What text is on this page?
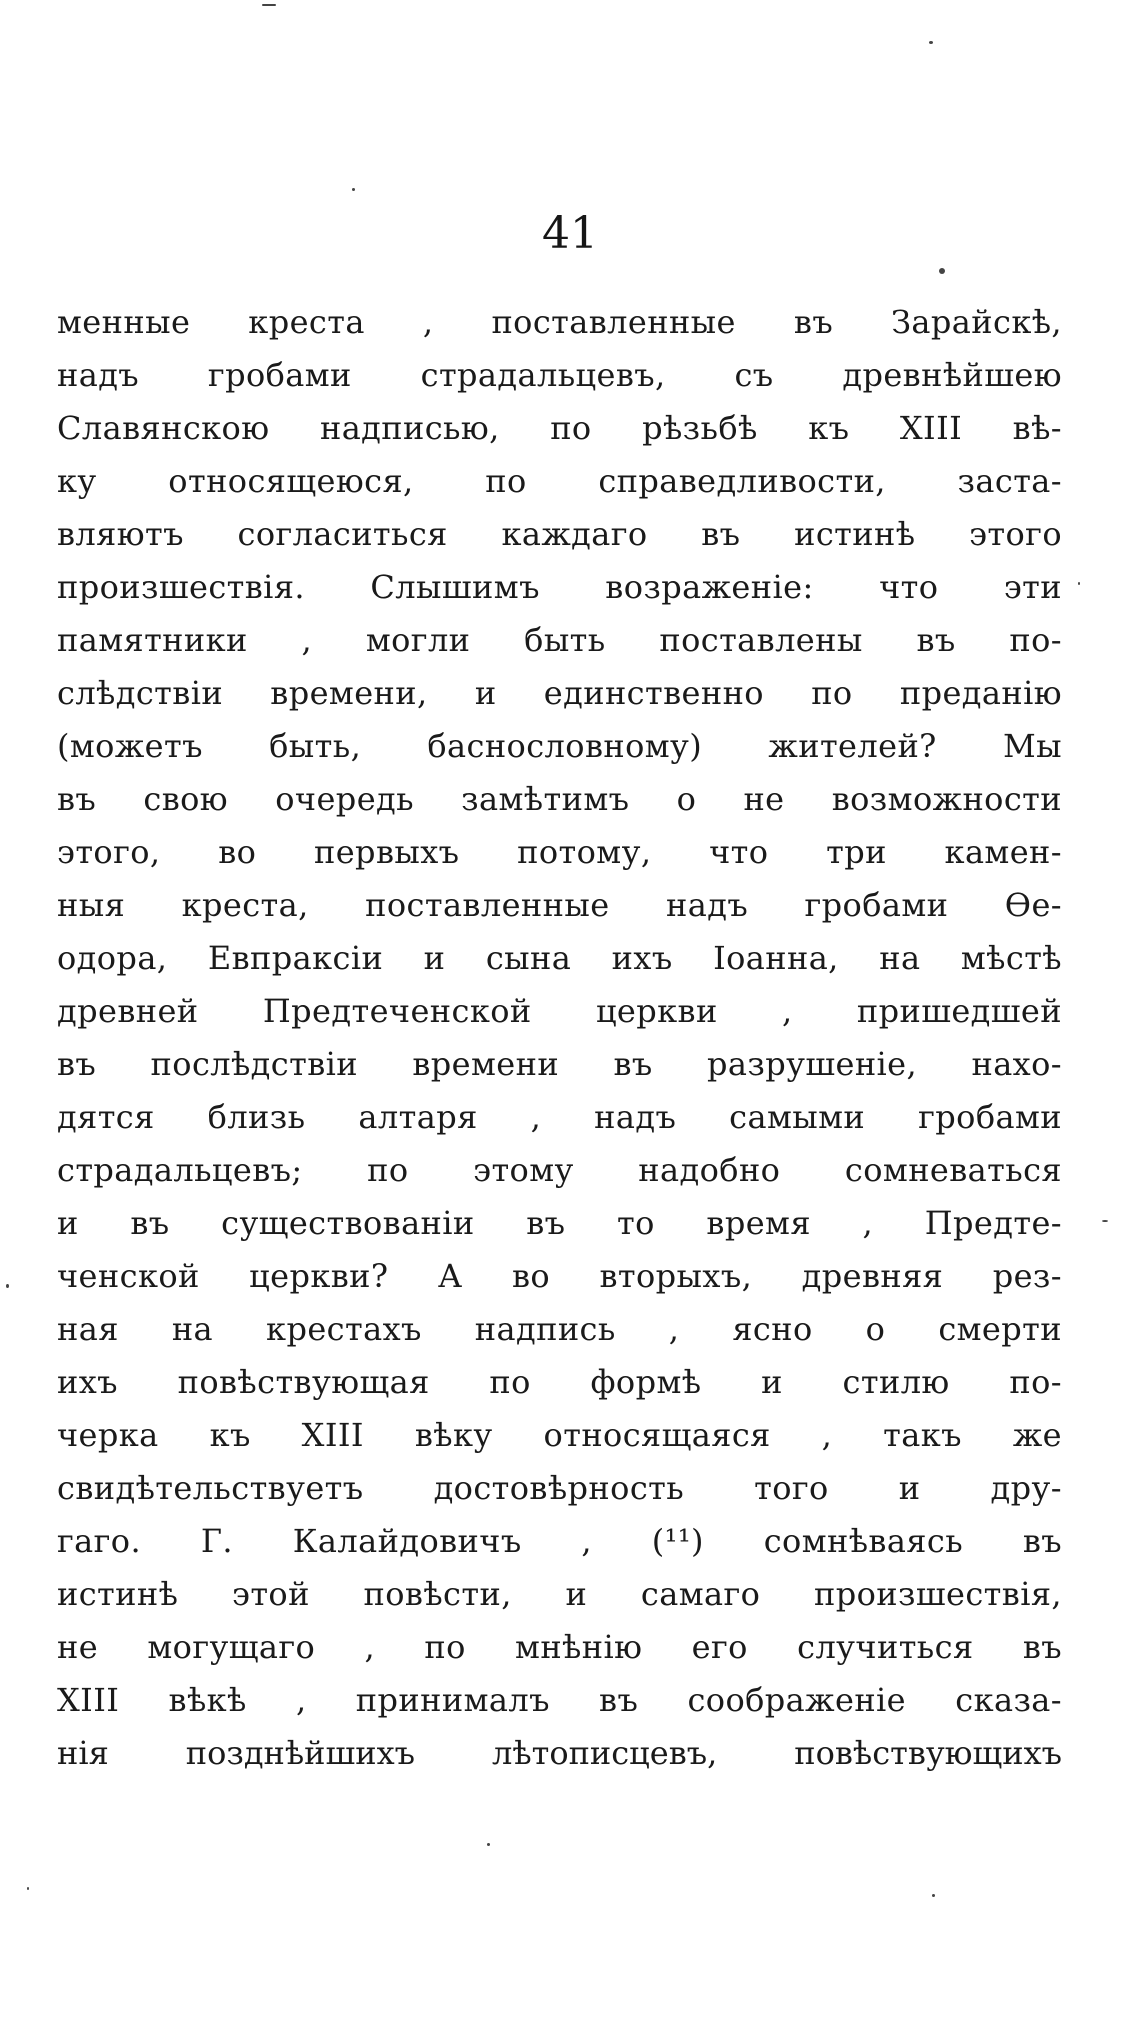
41
менные креста , поставленные въ Зарайскѣ,
надъ гробами страдальцевъ, съ древнѣйшею
Славянскою надписью, по рѣзьбѣ къ XIII вѣ-
ку относящеюся, по справедливости, заста-
вляютъ согласиться каждаго въ истинѣ этого
произшествія. Слышимъ возраженіе: что эти
памятники , могли быть поставлены въ по-
слѣдствіи времени, и единственно по преданію
(можетъ быть, баснословному) жителей? Мы
въ свою очередь замѣтимъ о не возможности
этого, во первыхъ потому, что три камен-
ныя креста, поставленные надъ гробами Ѳе-
одора, Евпраксіи и сына ихъ Іоанна, на мѣстѣ
древней Предтеченской церкви , пришедшей
въ послѣдствіи времени въ разрушеніе, нахо-
дятся близь алтаря , надъ самыми гробами
страдальцевъ; по этому надобно сомневаться
и въ существованіи въ то время , Предте-
ченской церкви? А во вторыхъ, древняя рез-
ная на крестахъ надпись , ясно о смерти
ихъ повѣствующая по формѣ и стилю по-
черка къ XIII вѣку относящаяся , такъ же
свидѣтельствуетъ достовѣрность того и дру-
гаго. Г. Калайдовичъ , (¹¹) сомнѣваясь въ
истинѣ этой повѣсти, и самаго произшествія,
не могущаго , по мнѣнію его случиться въ
XIII вѣкѣ , принималъ въ соображеніе сказа-
нія позднѣйшихъ лѣтописцевъ, повѣствующихъ
